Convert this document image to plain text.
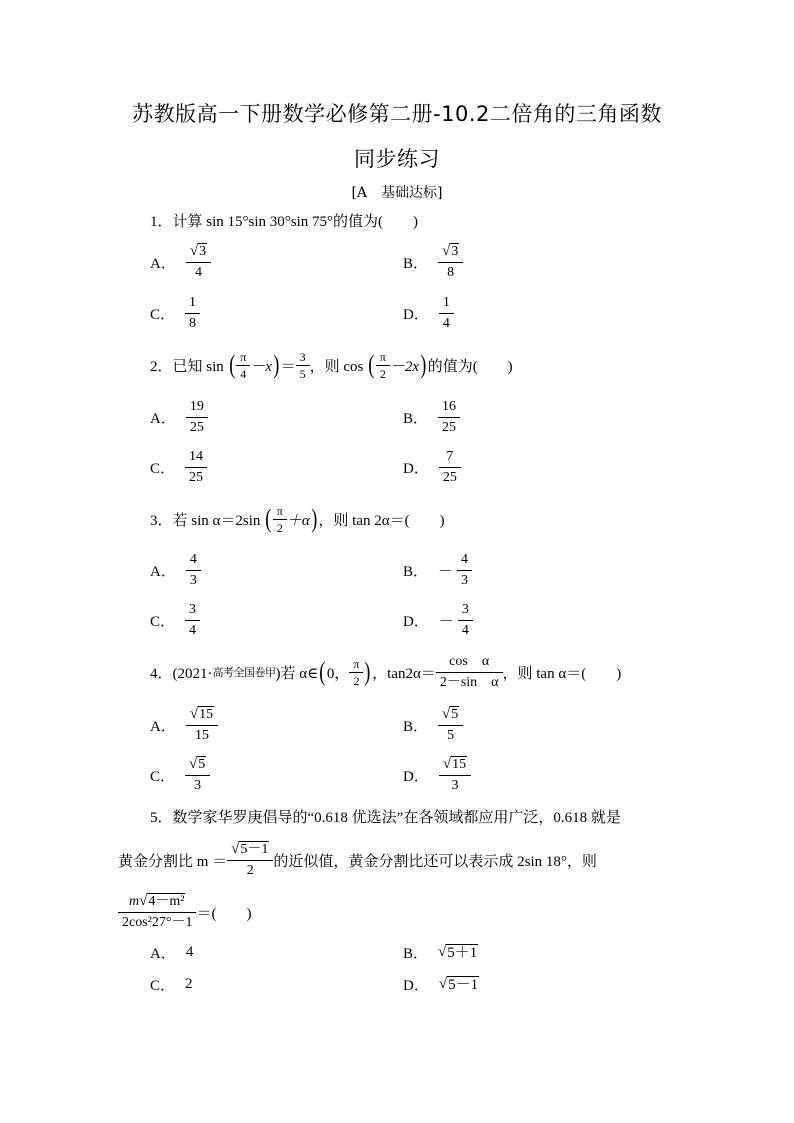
苏教版高一下册数学必修第二册-10.2二倍角的三角函数
同步练习
[A　基础达标]
1．计算 sin 15°sin 30°sin 75°的值为(　　)
A． $\frac{√ 3}{4}$	B． $\frac{√ 3}{8}$
C． $\frac{1}{8}$	D． $\frac{1}{4}$
2．已知 sin
( $\frac{\pi}{4} -x$ ) ＝ $\frac{3}{5}$ ，则 cos
( $\frac{\pi}{2} -2x$ ) 的值为(　　)
A． $\frac{19}{25}$	B． $\frac{16}{25}$
C． $\frac{14}{25}$	D． $\frac{7}{25}$
3．若 sin α＝2sin
( $\frac{\pi}{2} +\alpha$ ) ，则 tan 2α＝(　　)
A． $\frac{4}{3}$	B． － $\frac{4}{3}$
C． $\frac{3}{4}$	D． － $\frac{3}{4}$
4．(2021· 高考全国卷甲 )若 α∈ ( 0， $\frac{\pi}{2}$ ) ，$\tan 2\alpha= \frac{\text{cos　α}}{\text{2－sin　α}}$ ，则 tan α＝(　　)
A． $\frac{√ 15}{15}$	B． $\frac{√ 5}{5}$
C． $\frac{√ 5}{3}$	D． $\frac{√ 15}{3}$
5．数学家华罗庚倡导的“0.618 优选法”在各领域都应用广泛，0.618 就是
黄金分割比 $m = \frac{√ 5-1}{2}$ 的近似值，黄金分割比还可以表示成 2sin 18°，则
$\frac{\text{m √ 4－m²}}{\text{2cos²27°－1}}$ ＝(　　)
A． 4	B． √ 5＋1
C． 2	D． √ 5－1
